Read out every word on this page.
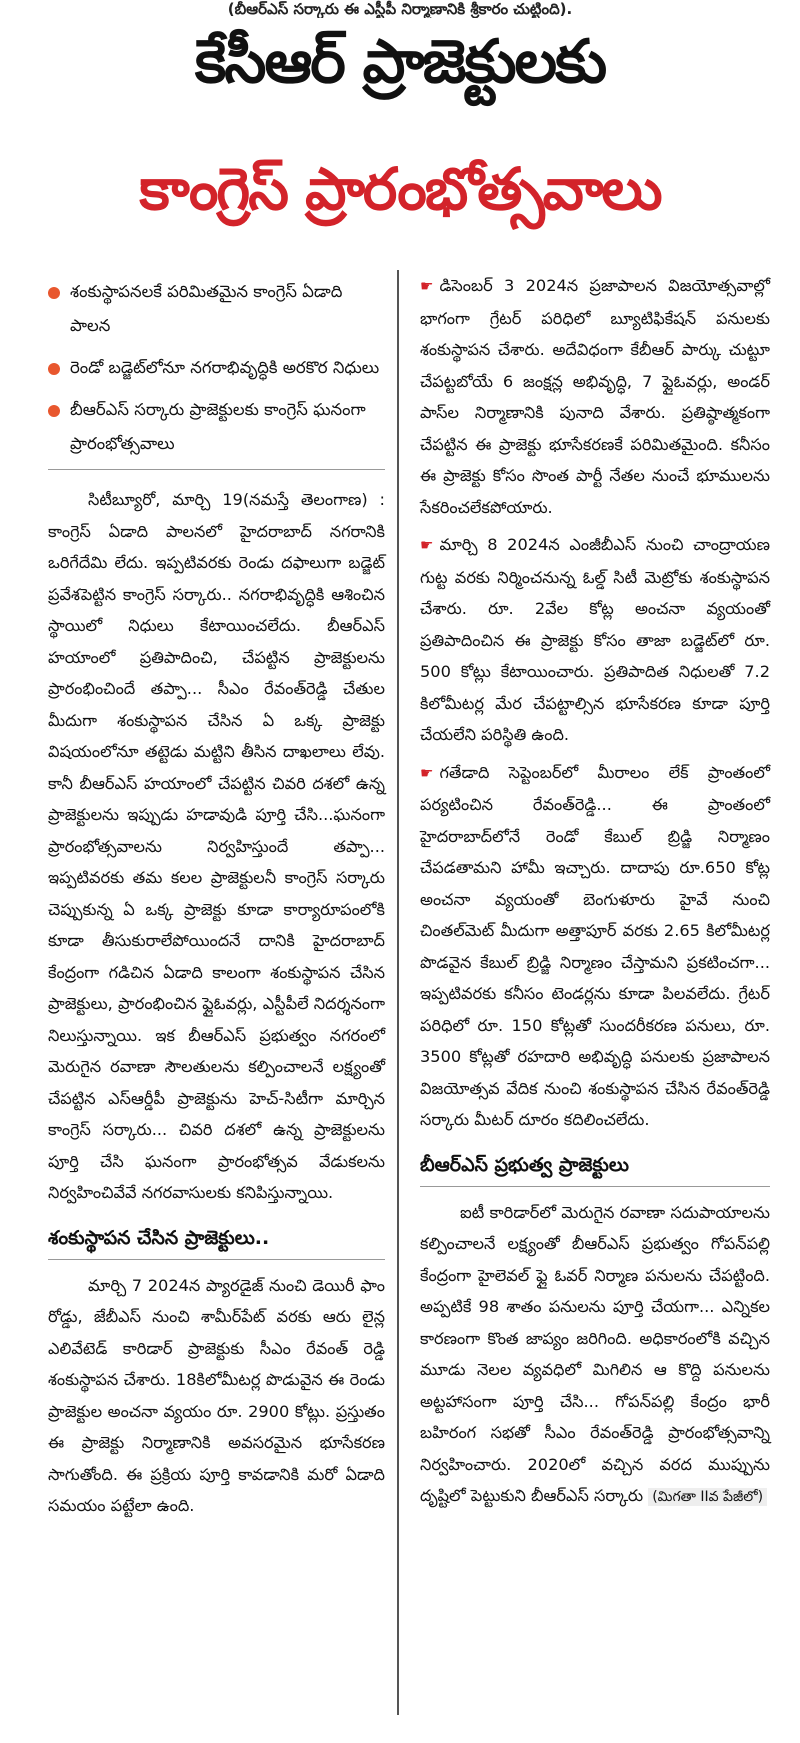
(బీఆర్ఎస్ సర్కారు ఈ ఎస్టీపీ నిర్మాణానికి శ్రీకారం చుట్టింది).
కేసీఆర్ ప్రాజెక్టులకు
కాంగ్రెస్ ప్రారంభోత్సవాలు
శంకుస్థాపనలకే పరిమితమైన కాంగ్రెస్ ఏడాది పాలన
రెండో బడ్జెట్‌లోనూ నగరాభివృద్ధికి అరకొర నిధులు
బీఆర్ఎస్ సర్కారు ప్రాజెక్టులకు కాంగ్రెస్ ఘనంగా ప్రారంభోత్సవాలు

సిటీబ్యూరో, మార్చి 19(నమస్తే తెలంగాణ) : కాంగ్రెస్ ఏడాది పాలనలో హైదరాబాద్ నగరానికి ఒరిగేదేమి లేదు. ఇప్పటివరకు రెండు దఫాలుగా బడ్జెట్ ప్రవేశపెట్టిన కాంగ్రెస్ సర్కారు.. నగరాభివృద్ధికి ఆశించిన స్థాయిలో నిధులు కేటాయించలేదు. బీఆర్ఎస్ హయాంలో ప్రతిపాదించి, చేపట్టిన ప్రాజెక్టులను ప్రారంభించిందే తప్పా... సీఎం రేవంత్‌రెడ్డి చేతుల మీదుగా శంకుస్థాపన చేసిన ఏ ఒక్క ప్రాజెక్టు విషయంలోనూ తట్టెడు మట్టిని తీసిన దాఖలాలు లేవు. కానీ బీఆర్ఎస్ హయాంలో చేపట్టిన చివరి దశలో ఉన్న ప్రాజెక్టులను ఇప్పుడు హడావుడి పూర్తి చేసి...ఘనంగా ప్రారంభోత్సవాలను నిర్వహిస్తుందే తప్పా... ఇప్పటివరకు తమ కలల ప్రాజెక్టులనీ కాంగ్రెస్ సర్కారు చెప్పుకున్న ఏ ఒక్క ప్రాజెక్టు కూడా కార్యారూపంలోకి కూడా తీసుకురాలేపోయిందనే దానికి హైదరాబాద్ కేంద్రంగా గడిచిన ఏడాది కాలంగా శంకుస్థాపన చేసిన ప్రాజెక్టులు, ప్రారంభించిన ఫ్లైఓవర్లు, ఎస్టీపీలే నిదర్శనంగా నిలుస్తున్నాయి. ఇక బీఆర్ఎస్ ప్రభుత్వం నగరంలో మెరుగైన రవాణా సౌలతులను కల్పించాలనే లక్ష్యంతో చేపట్టిన ఎస్ఆర్డీపీ ప్రాజెక్టును హెచ్-సిటీగా మార్చిన కాంగ్రెస్ సర్కారు... చివరి దశలో ఉన్న ప్రాజెక్టులను పూర్తి చేసి ఘనంగా ప్రారంభోత్సవ వేడుకలను నిర్వహించివేవే నగరవాసులకు కనిపిస్తున్నాయి.

శంకుస్థాపన చేసిన ప్రాజెక్టులు..

మార్చి 7 2024న ప్యారడైజ్ నుంచి డెయిరీ ఫాం రోడ్డు, జేబీఎస్ నుంచి శామీర్‌పేట్ వరకు ఆరు లైన్ల ఎలివేటెడ్ కారిడార్ ప్రాజెక్టుకు సీఎం రేవంత్ రెడ్డి శంకుస్థాపన చేశారు. 18కిలోమీటర్ల పొడువైన ఈ రెండు ప్రాజెక్టుల అంచనా వ్యయం రూ. 2900 కోట్లు. ప్రస్తుతం ఈ ప్రాజెక్టు నిర్మాణానికి అవసరమైన భూసేకరణ సాగుతోంది. ఈ ప్రక్రియ పూర్తి కావడానికి మరో ఏడాది సమయం పట్టేలా ఉంది.

☛ డిసెంబర్ 3 2024న ప్రజాపాలన విజయోత్సవాల్లో భాగంగా గ్రేటర్ పరిధిలో బ్యూటిఫికేషన్ పనులకు శంకుస్థాపన చేశారు. అదేవిధంగా కేబీఆర్ పార్కు చుట్టూ చేపట్టబోయే 6 జంక్షన్ల అభివృద్ధి, 7 ఫ్లైఓవర్లు, అండర్ పాస్‌ల నిర్మాణానికి పునాది వేశారు. ప్రతిష్ఠాత్మకంగా చేపట్టిన ఈ ప్రాజెక్టు భూసేకరణకే పరిమితమైంది. కనీసం ఈ ప్రాజెక్టు కోసం సొంత పార్టీ నేతల నుంచే భూములను సేకరించలేకపోయారు.

☛ మార్చి 8 2024న ఎంజీబీఎస్ నుంచి చాంద్రాయణ గుట్ట వరకు నిర్మించనున్న ఓల్డ్ సిటీ మెట్రోకు శంకుస్థాపన చేశారు. రూ. 2వేల కోట్ల అంచనా వ్యయంతో ప్రతిపాదించిన ఈ ప్రాజెక్టు కోసం తాజా బడ్జెట్‌లో రూ. 500 కోట్లు కేటాయించారు. ప్రతిపాదిత నిధులతో 7.2 కిలోమీటర్ల మేర చేపట్టాల్సిన భూసేకరణ కూడా పూర్తి చేయలేని పరిస్థితి ఉంది.

☛ గతేడాది సెప్టెంబర్‌లో మీరాలం లేక్ ప్రాంతంలో పర్యటించిన రేవంత్‌రెడ్డి... ఈ ప్రాంతంలో హైదరాబాద్‌లోనే రెండో కేబుల్ బ్రిడ్జి నిర్మాణం చేపడతామని హామీ ఇచ్చారు. దాదాపు రూ.650 కోట్ల అంచనా వ్యయంతో బెంగుళూరు హైవే నుంచి చింతల్‌మెట్ మీదుగా అత్తాపూర్ వరకు 2.65 కిలోమీటర్ల పొడవైన కేబుల్ బ్రిడ్జి నిర్మాణం చేస్తామని ప్రకటించగా... ఇప్పటివరకు కనీసం టెండర్లను కూడా పిలవలేదు. గ్రేటర్ పరిధిలో రూ. 150 కోట్లతో సుందరీకరణ పనులు, రూ. 3500 కోట్లతో రహదారి అభివృద్ధి పనులకు ప్రజాపాలన విజయోత్సవ వేదిక నుంచి శంకుస్థాపన చేసిన రేవంత్‌రెడ్డి సర్కారు మీటర్ దూరం కదిలించలేదు.

బీఆర్ఎస్ ప్రభుత్వ ప్రాజెక్టులు

ఐటీ కారిడార్‌లో మెరుగైన రవాణా సదుపాయాలను కల్పించాలనే లక్ష్యంతో బీఆర్ఎస్ ప్రభుత్వం గోపన్‌పల్లి కేంద్రంగా హైలెవల్ ఫ్లై ఓవర్ నిర్మాణ పనులను చేపట్టింది. అప్పటికే 98 శాతం పనులను పూర్తి చేయగా... ఎన్నికల కారణంగా కొంత జాప్యం జరిగింది. అధికారంలోకి వచ్చిన మూడు నెలల వ్యవధిలో మిగిలిన ఆ కొద్ది పనులను అట్టహాసంగా పూర్తి చేసి... గోపన్‌పల్లి కేంద్రం భారీ బహిరంగ సభతో సీఎం రేవంత్‌రెడ్డి ప్రారంభోత్సవాన్ని నిర్వహించారు. 2020లో వచ్చిన వరద ముప్పును దృష్టిలో పెట్టుకుని బీఆర్ఎస్ సర్కారు (మిగతా IIవ పేజీలో)
